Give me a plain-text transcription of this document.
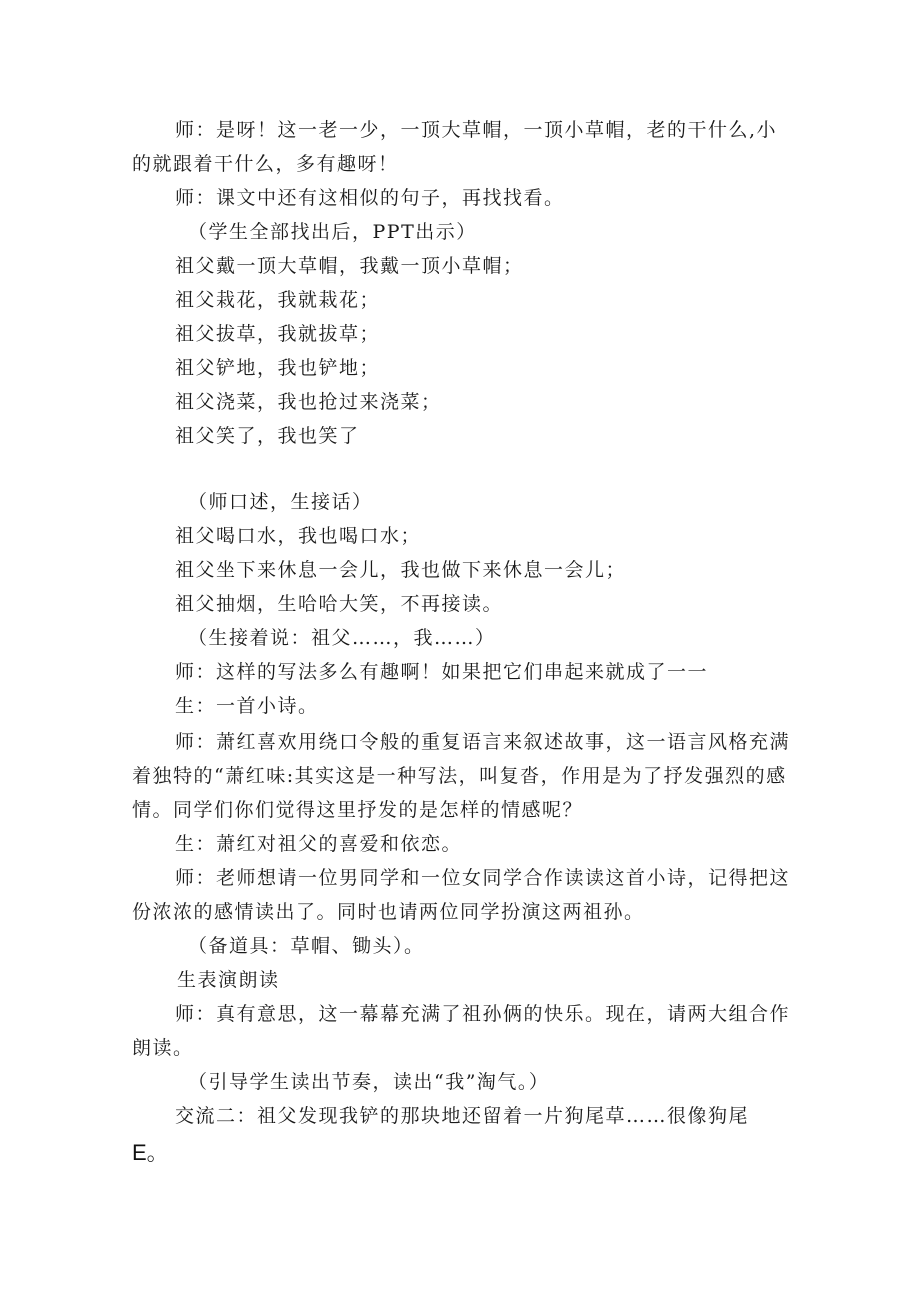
师：是呀！这一老一少，一顶大草帽，一顶小草帽，老的干什么,小
的就跟着干什么，多有趣呀！
师：课文中还有这相似的句子，再找找看。
（学生全部找出后，PPT出示）
祖父戴一顶大草帽，我戴一顶小草帽；
祖父栽花，我就栽花；
祖父拔草，我就拔草；
祖父铲地，我也铲地；
祖父浇菜，我也抢过来浇菜；
祖父笑了，我也笑了
（师口述，生接话）
祖父喝口水，我也喝口水；
祖父坐下来休息一会儿，我也做下来休息一会儿；
祖父抽烟，生哈哈大笑，不再接读。
（生接着说：祖父……，我……）
师：这样的写法多么有趣啊！如果把它们串起来就成了一一
生：一首小诗。
师：萧红喜欢用绕口令般的重复语言来叙述故事，这一语言风格充满
着独特的“萧红味:其实这是一种写法，叫复沓，作用是为了抒发强烈的感
情。同学们你们觉得这里抒发的是怎样的情感呢？
生：萧红对祖父的喜爱和依恋。
师：老师想请一位男同学和一位女同学合作读读这首小诗，记得把这
份浓浓的感情读出了。同时也请两位同学扮演这两祖孙。
（备道具：草帽、锄头）。
生表演朗读
师：真有意思，这一幕幕充满了祖孙俩的快乐。现在，请两大组合作
朗读。
（引导学生读出节奏，读出“我”淘气。）
交流二：祖父发现我铲的那块地还留着一片狗尾草……很像狗尾
E。
